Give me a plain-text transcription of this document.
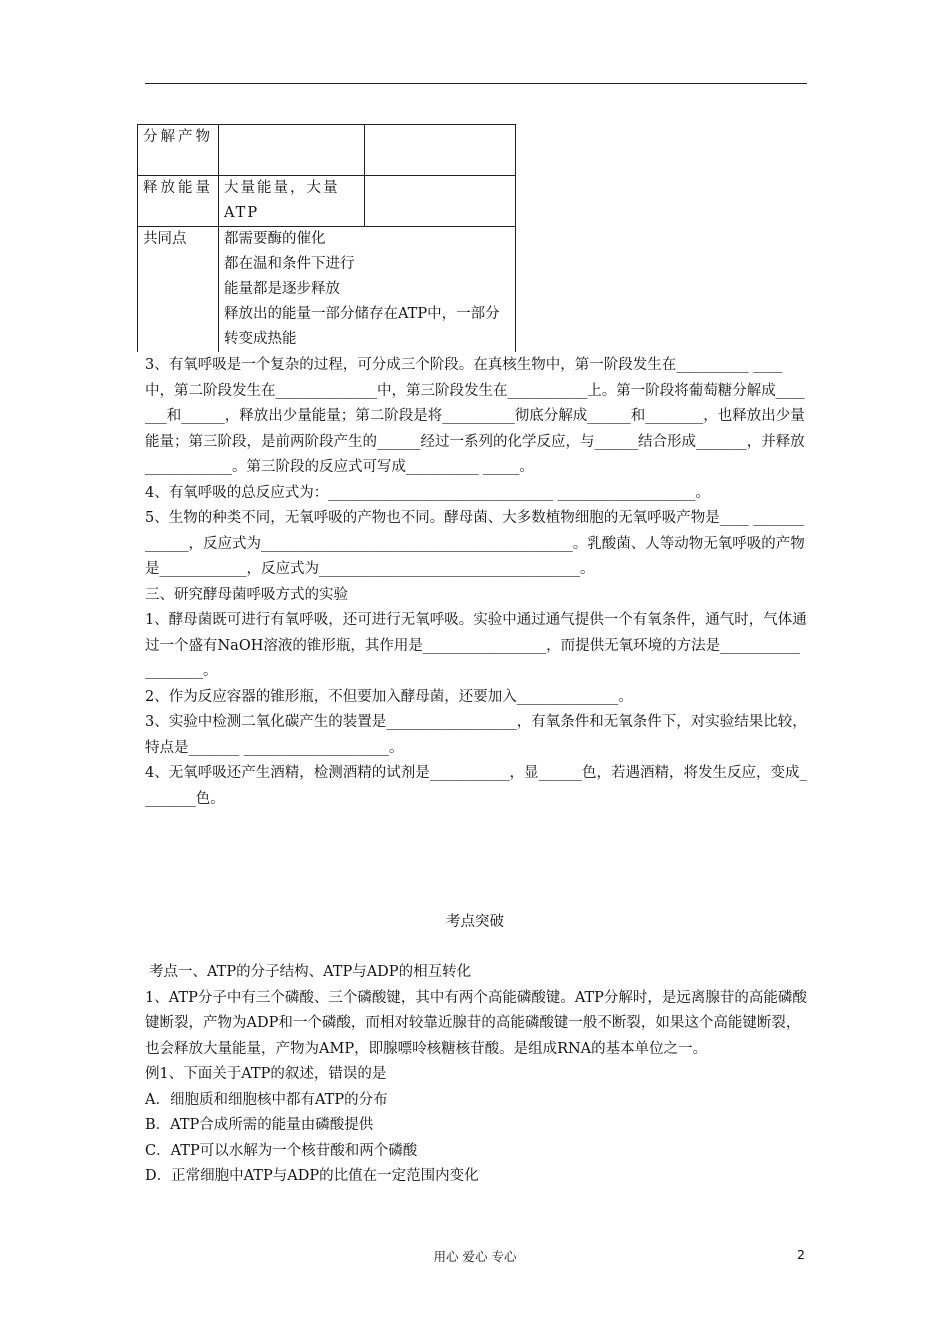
分解产物		
释放能量	大量能量，大量ATP	
共同点	都需要酶的催化
都在温和条件下进行
能量都是逐步释放
释放出的能量一部分储存在ATP中，一部分转变成热能	

3、有氧呼吸是一个复杂的过程，可分成三个阶段。在真核生物中，第一阶段发生在__________ ____中，第二阶段发生在______________中，第三阶段发生在___________上。第一阶段将葡萄糖分解成_______和______，释放出少量能量；第二阶段是将__________彻底分解成______和________，也释放出少量能量；第三阶段，是前两阶段产生的______经过一系列的化学反应，与______结合形成_______，并释放____________。第三阶段的反应式可写成__________ _____。

4、有氧呼吸的总反应式为：_______________________________ ___________________。

5、生物的种类不同，无氧呼吸的产物也不同。酵母菌、大多数植物细胞的无氧呼吸产物是____ _____________，反应式为___________________________________________。乳酸菌、人等动物无氧呼吸的产物是____________，反应式为____________________________________。

三、研究酵母菌呼吸方式的实验

1、酵母菌既可进行有氧呼吸，还可进行无氧呼吸。实验中通过通气提供一个有氧条件，通气时，气体通过一个盛有NaOH溶液的锥形瓶，其作用是_________________，而提供无氧环境的方法是___________________。

2、作为反应容器的锥形瓶，不但要加入酵母菌，还要加入______________。

3、实验中检测二氧化碳产生的装置是__________________，有氧条件和无氧条件下，对实验结果比较，特点是_______ ____________________。

4、无氧呼吸还产生酒精，检测酒精的试剂是___________，显______色，若遇酒精，将发生反应，变成________色。

考点突破

考点一、ATP的分子结构、ATP与ADP的相互转化

1、ATP分子中有三个磷酸、三个磷酸键，其中有两个高能磷酸键。ATP分解时，是远离腺苷的高能磷酸键断裂，产物为ADP和一个磷酸，而相对较靠近腺苷的高能磷酸键一般不断裂，如果这个高能键断裂，也会释放大量能量，产物为AMP，即腺嘌呤核糖核苷酸。是组成RNA的基本单位之一。

例1、下面关于ATP的叙述，错误的是

A．细胞质和细胞核中都有ATP的分布

B．ATP合成所需的能量由磷酸提供

C．ATP可以水解为一个核苷酸和两个磷酸

D．正常细胞中ATP与ADP的比值在一定范围内变化

用心 爱心 专心	2
